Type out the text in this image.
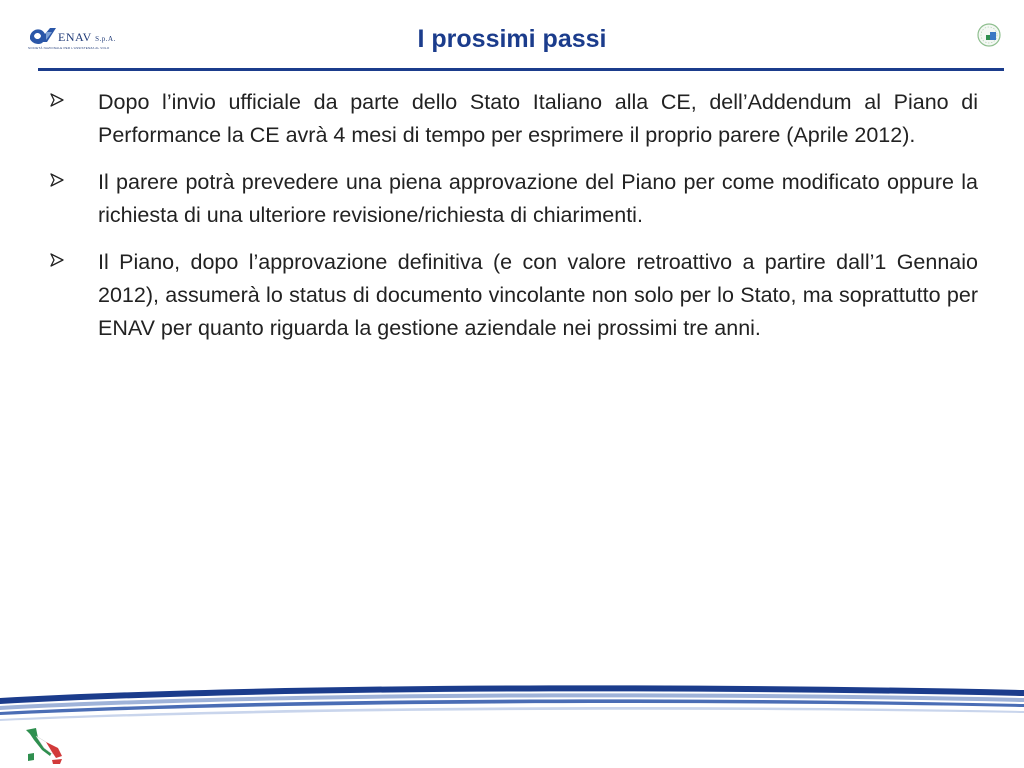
ENAV S.p.A.
SOCIETÀ NAZIONALE PER L'ASSISTENZA AL VOLO	I prossimi passi
Dopo l’invio ufficiale da parte dello Stato Italiano alla CE, dell’Addendum al Piano di Performance la CE avrà 4 mesi di tempo per esprimere il proprio parere (Aprile 2012).
Il parere potrà prevedere una piena approvazione del Piano per come modificato oppure la richiesta di una ulteriore revisione/richiesta di chiarimenti.
Il Piano, dopo l’approvazione definitiva (e con valore retroattivo a partire dall’1 Gennaio 2012), assumerà lo status di documento vincolante non solo per lo Stato, ma soprattutto per ENAV per quanto riguarda la gestione aziendale nei prossimi tre anni.
